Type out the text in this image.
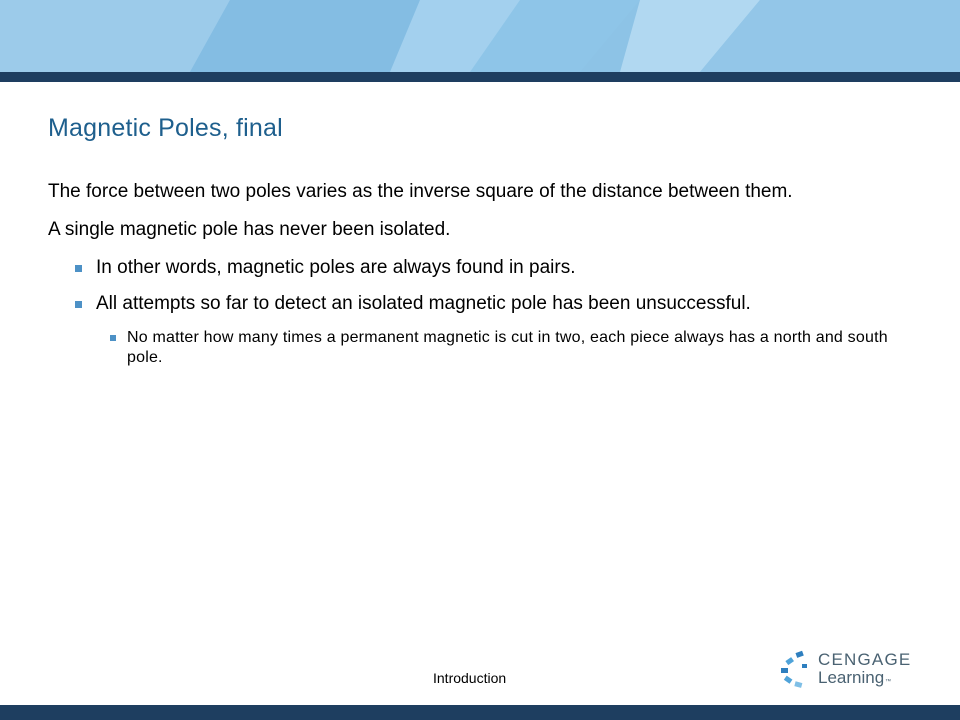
Magnetic Poles, final

The force between two poles varies as the inverse square of the distance between them.

A single magnetic pole has never been isolated.

In other words, magnetic poles are always found in pairs.
All attempts so far to detect an isolated magnetic pole has been unsuccessful.
No matter how many times a permanent magnetic is cut in two, each piece always has a north and south pole.
Introduction
CENGAGE
Learning™
